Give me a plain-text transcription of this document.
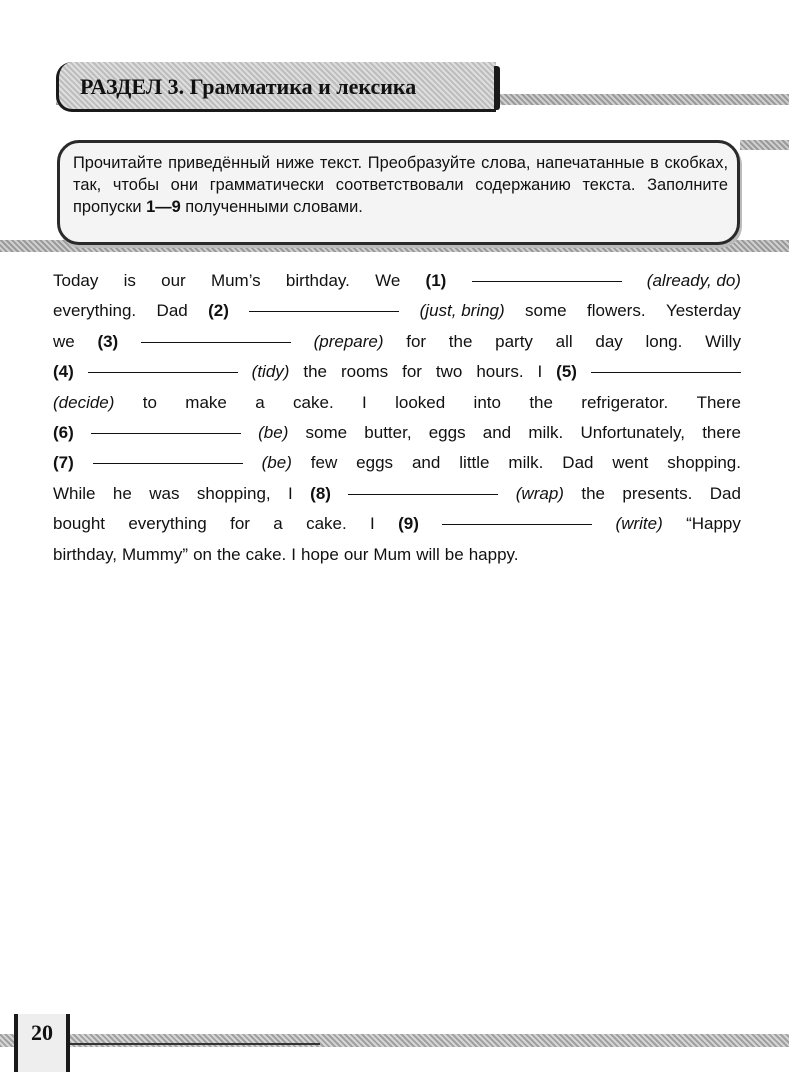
РАЗДЕЛ 3. Грамматика и лексика
Прочитайте приведённый ниже текст. Преобразуйте слова, напечатанные в скобках, так, чтобы они грамматически соответствовали содержанию текста. Заполните пропуски 1—9 полученными словами.
Today is our Mum’s birthday. We (1)	(already, do)
everything. Dad (2)	(just, bring) some flowers. Yesterday
we (3)	(prepare) for the party all day long. Willy
(4)	(tidy) the rooms for two hours. I (5)
(decide) to make a cake. I looked into the refrigerator. There
(6)	(be) some butter, eggs and milk. Unfortunately, there
(7)	(be) few eggs and little milk. Dad went shopping.
While he was shopping, I (8)	(wrap) the presents. Dad
bought everything for a cake. I (9)	(write) “Happy
birthday, Mummy” on the cake. I hope our Mum will be happy.
20
